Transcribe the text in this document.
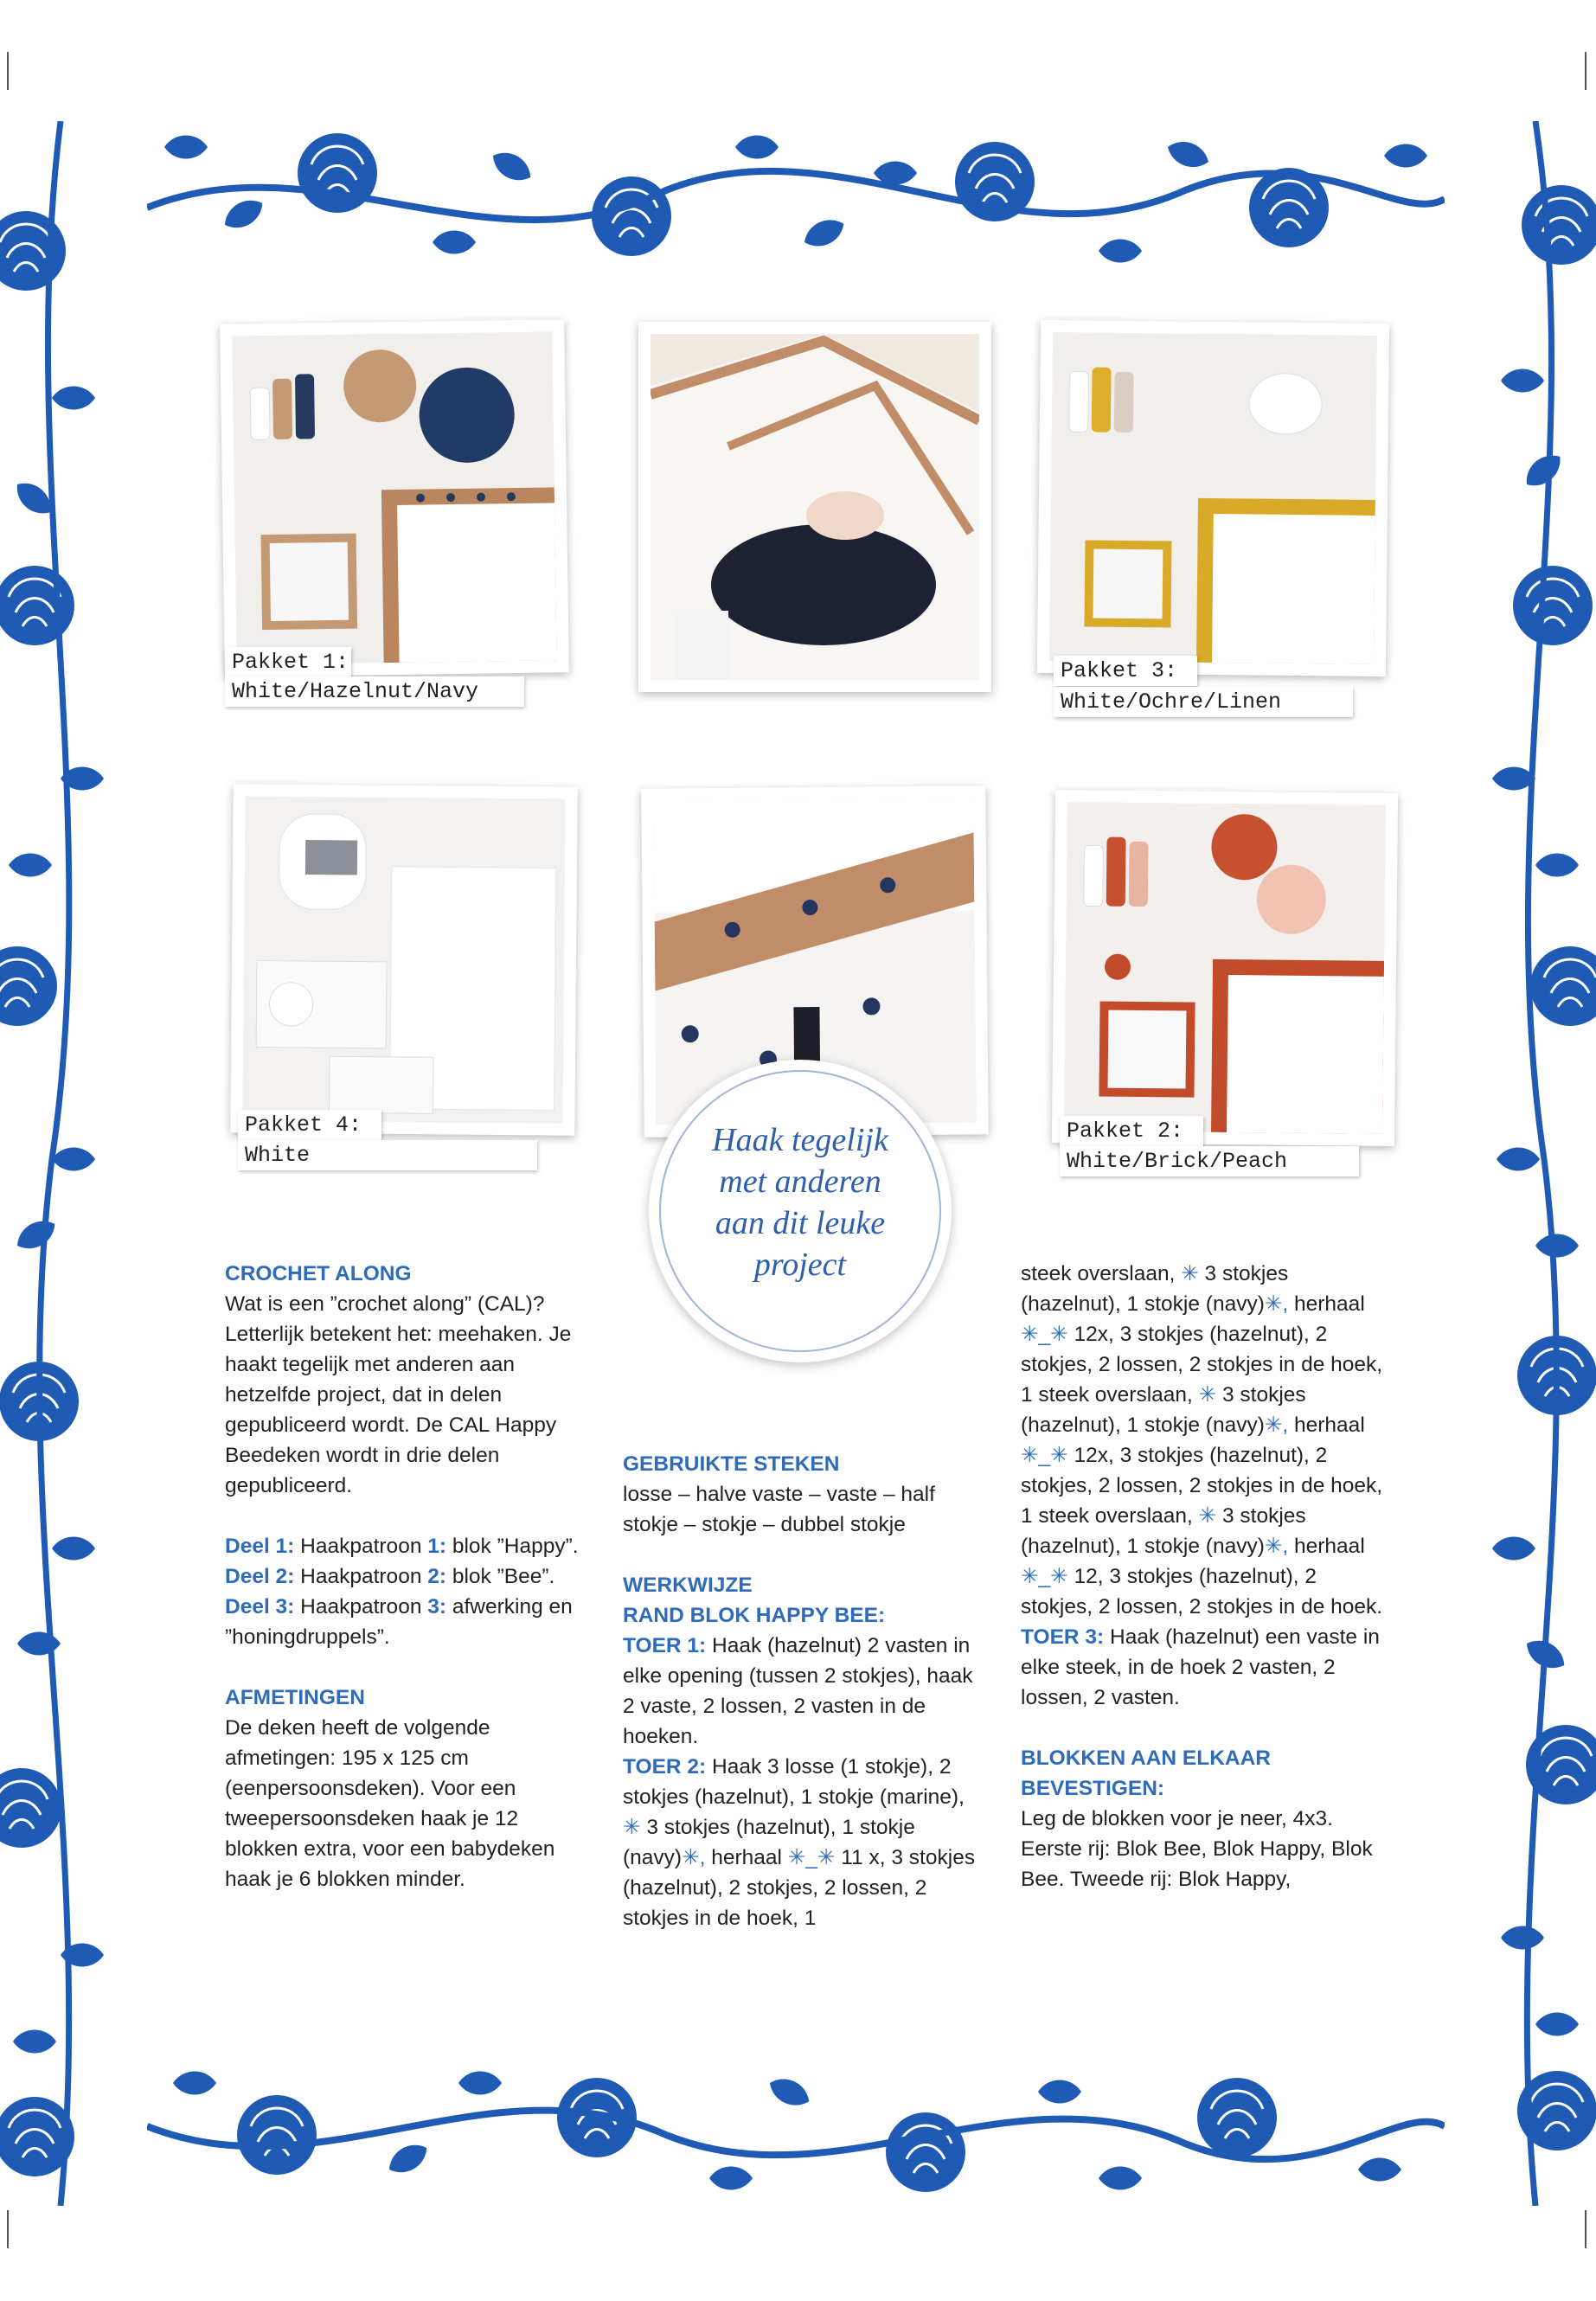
Pakket 1:
White/Hazelnut/Navy
Pakket 3:
White/Ochre/Linen
Pakket 4:
White
Pakket 2:
White/Brick/Peach
Haak tegelijk met anderen aan dit leuke project

CROCHET ALONG

Wat is een ”crochet along” (CAL)? Letterlijk betekent het: meehaken. Je haakt tegelijk met anderen aan hetzelfde project, dat in delen gepubliceerd wordt. De CAL Happy Beedeken wordt in drie delen gepubliceerd.

Deel 1: Haakpatroon 1: blok ”Happy”.

Deel 2: Haakpatroon 2: blok ”Bee”.

Deel 3: Haakpatroon 3: afwerking en ”honingdruppels”.

AFMETINGEN

De deken heeft de volgende afmetingen: 195 x 125 cm (eenpersoonsdeken). Voor een tweepersoonsdeken haak je 12 blokken extra, voor een babydeken haak je 6 blokken minder.

GEBRUIKTE STEKEN

losse – halve vaste – vaste – half stokje – stokje – dubbel stokje

WERKWIJZE

RAND BLOK HAPPY BEE:

TOER 1: Haak (hazelnut) 2 vasten in elke opening (tussen 2 stokjes), haak 2 vaste, 2 lossen, 2 vasten in de hoeken.

TOER 2: Haak 3 losse (1 stokje), 2 stokjes (hazelnut), 1 stokje (marine), ✳ 3 stokjes (hazelnut), 1 stokje (navy)✳, herhaal ✳_✳ 11 x, 3 stokjes (hazelnut), 2 stokjes, 2 lossen, 2 stokjes in de hoek, 1

steek overslaan, ✳ 3 stokjes (hazelnut), 1 stokje (navy)✳, herhaal ✳_✳ 12x, 3 stokjes (hazelnut), 2 stokjes, 2 lossen, 2 stokjes in de hoek, 1 steek overslaan, ✳ 3 stokjes (hazelnut), 1 stokje (navy)✳, herhaal ✳_✳ 12x, 3 stokjes (hazelnut), 2 stokjes, 2 lossen, 2 stokjes in de hoek, 1 steek overslaan, ✳ 3 stokjes (hazelnut), 1 stokje (navy)✳, herhaal ✳_✳ 12, 3 stokjes (hazelnut), 2 stokjes, 2 lossen, 2 stokjes in de hoek.

TOER 3: Haak (hazelnut) een vaste in elke steek, in de hoek 2 vasten, 2 lossen, 2 vasten.

BLOKKEN AAN ELKAAR BEVESTIGEN:

Leg de blokken voor je neer, 4x3. Eerste rij: Blok Bee, Blok Happy, Blok Bee. Tweede rij: Blok Happy,
